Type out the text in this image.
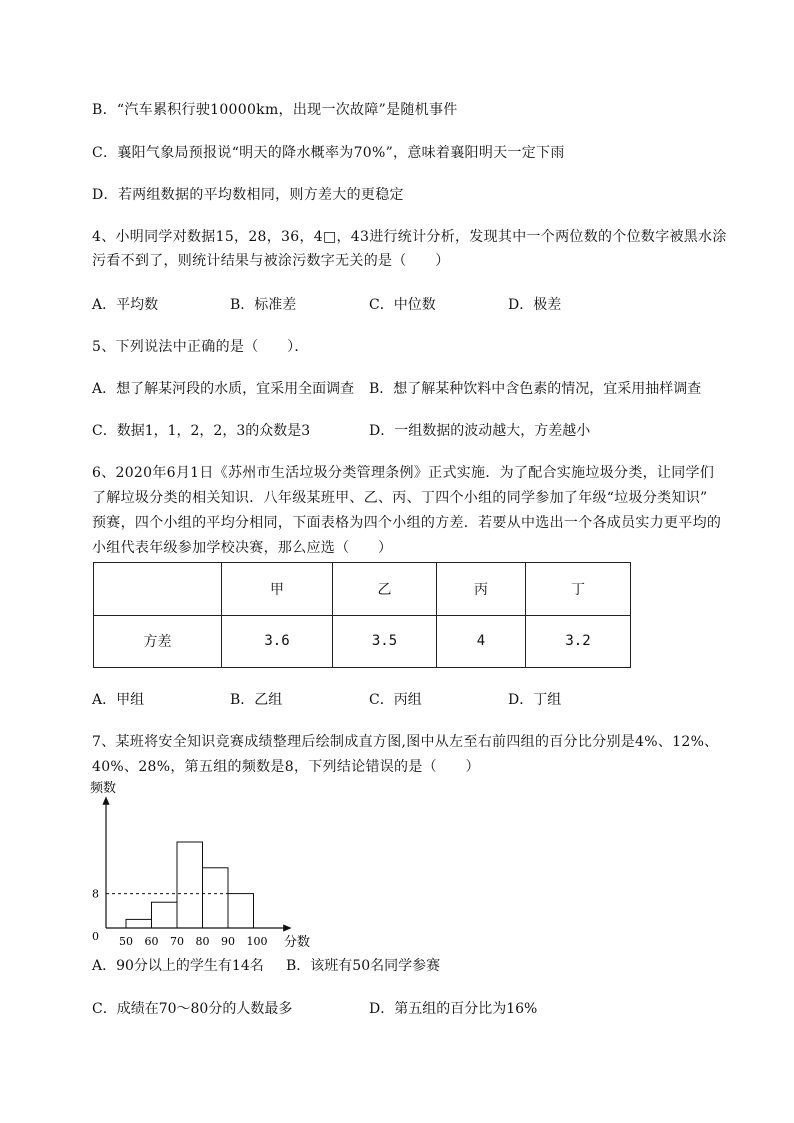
B．“汽车累积行驶10000km，出现一次故障”是随机事件
C．襄阳气象局预报说“明天的降水概率为70%”，意味着襄阳明天一定下雨
D．若两组数据的平均数相同，则方差大的更稳定
4、小明同学对数据15，28，36，4□，43进行统计分析，发现其中一个两位数的个位数字被黑水涂
污看不到了，则统计结果与被涂污数字无关的是（　　）
A．平均数	B．标准差	C．中位数	D．极差
5、下列说法中正确的是（　　）．
A．想了解某河段的水质，宜采用全面调查 B．想了解某种饮料中含色素的情况，宜采用抽样调查
C．数据1，1，2，2，3的众数是3	D．一组数据的波动越大，方差越小
6、2020年6月1日《苏州市生活垃圾分类管理条例》正式实施．为了配合实施垃圾分类，让同学们
了解垃圾分类的相关知识．八年级某班甲、乙、丙、丁四个小组的同学参加了年级“垃圾分类知识”
预赛，四个小组的平均分相同，下面表格为四个小组的方差．若要从中选出一个各成员实力更平均的
小组代表年级参加学校决赛，那么应选（　　）
	甲	乙	丙	丁
方差	3.6	3.5	4	3.2
A．甲组	B．乙组	C．丙组	D．丁组
7、某班将安全知识竞赛成绩整理后绘制成直方图,图中从左至右前四组的百分比分别是4%、12%、
40%、28%，第五组的频数是8，下列结论错误的是（　　）
频数
分数
0
8
50 60 70 80 90 100
A．90分以上的学生有14名 B．该班有50名同学参赛
C．成绩在70～80分的人数最多	D．第五组的百分比为16%
